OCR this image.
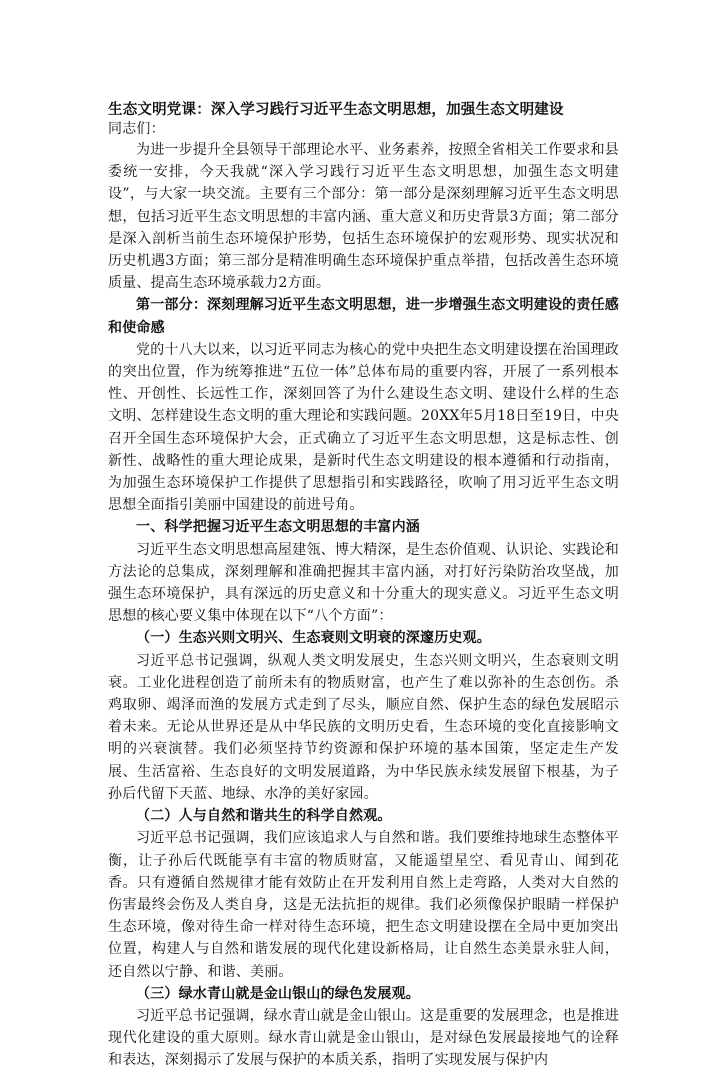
生态文明党课：深入学习践行习近平生态文明思想，加强生态文明建设

同志们：

为进一步提升全县领导干部理论水平、业务素养，按照全省相关工作要求和县委统一安排，今天我就“深入学习践行习近平生态文明思想，加强生态文明建设”，与大家一块交流。主要有三个部分：第一部分是深刻理解习近平生态文明思想，包括习近平生态文明思想的丰富内涵、重大意义和历史背景3方面；第二部分是深入剖析当前生态环境保护形势，包括生态环境保护的宏观形势、现实状况和历史机遇3方面；第三部分是精准明确生态环境保护重点举措，包括改善生态环境质量、提高生态环境承载力2方面。

第一部分：深刻理解习近平生态文明思想，进一步增强生态文明建设的责任感和使命感

党的十八大以来，以习近平同志为核心的党中央把生态文明建设摆在治国理政的突出位置，作为统筹推进“五位一体”总体布局的重要内容，开展了一系列根本性、开创性、长远性工作，深刻回答了为什么建设生态文明、建设什么样的生态文明、怎样建设生态文明的重大理论和实践问题。20XX年5月18日至19日，中央召开全国生态环境保护大会，正式确立了习近平生态文明思想，这是标志性、创新性、战略性的重大理论成果，是新时代生态文明建设的根本遵循和行动指南，为加强生态环境保护工作提供了思想指引和实践路径，吹响了用习近平生态文明思想全面指引美丽中国建设的前进号角。

一、科学把握习近平生态文明思想的丰富内涵

习近平生态文明思想高屋建瓴、博大精深，是生态价值观、认识论、实践论和方法论的总集成，深刻理解和准确把握其丰富内涵，对打好污染防治攻坚战，加强生态环境保护，具有深远的历史意义和十分重大的现实意义。习近平生态文明思想的核心要义集中体现在以下“八个方面”：

（一）生态兴则文明兴、生态衰则文明衰的深邃历史观。

习近平总书记强调，纵观人类文明发展史，生态兴则文明兴，生态衰则文明衰。工业化进程创造了前所未有的物质财富，也产生了难以弥补的生态创伤。杀鸡取卵、竭泽而渔的发展方式走到了尽头，顺应自然、保护生态的绿色发展昭示着未来。无论从世界还是从中华民族的文明历史看，生态环境的变化直接影响文明的兴衰演替。我们必须坚持节约资源和保护环境的基本国策，坚定走生产发展、生活富裕、生态良好的文明发展道路，为中华民族永续发展留下根基，为子孙后代留下天蓝、地绿、水净的美好家园。

（二）人与自然和谐共生的科学自然观。

习近平总书记强调，我们应该追求人与自然和谐。我们要维持地球生态整体平衡，让子孙后代既能享有丰富的物质财富，又能遥望星空、看见青山、闻到花香。只有遵循自然规律才能有效防止在开发利用自然上走弯路，人类对大自然的伤害最终会伤及人类自身，这是无法抗拒的规律。我们必须像保护眼睛一样保护生态环境，像对待生命一样对待生态环境，把生态文明建设摆在全局中更加突出位置，构建人与自然和谐发展的现代化建设新格局，让自然生态美景永驻人间，还自然以宁静、和谐、美丽。

（三）绿水青山就是金山银山的绿色发展观。

习近平总书记强调，绿水青山就是金山银山。这是重要的发展理念，也是推进现代化建设的重大原则。绿水青山就是金山银山，是对绿色发展最接地气的诠释和表达，深刻揭示了发展与保护的本质关系，指明了实现发展与保护内
